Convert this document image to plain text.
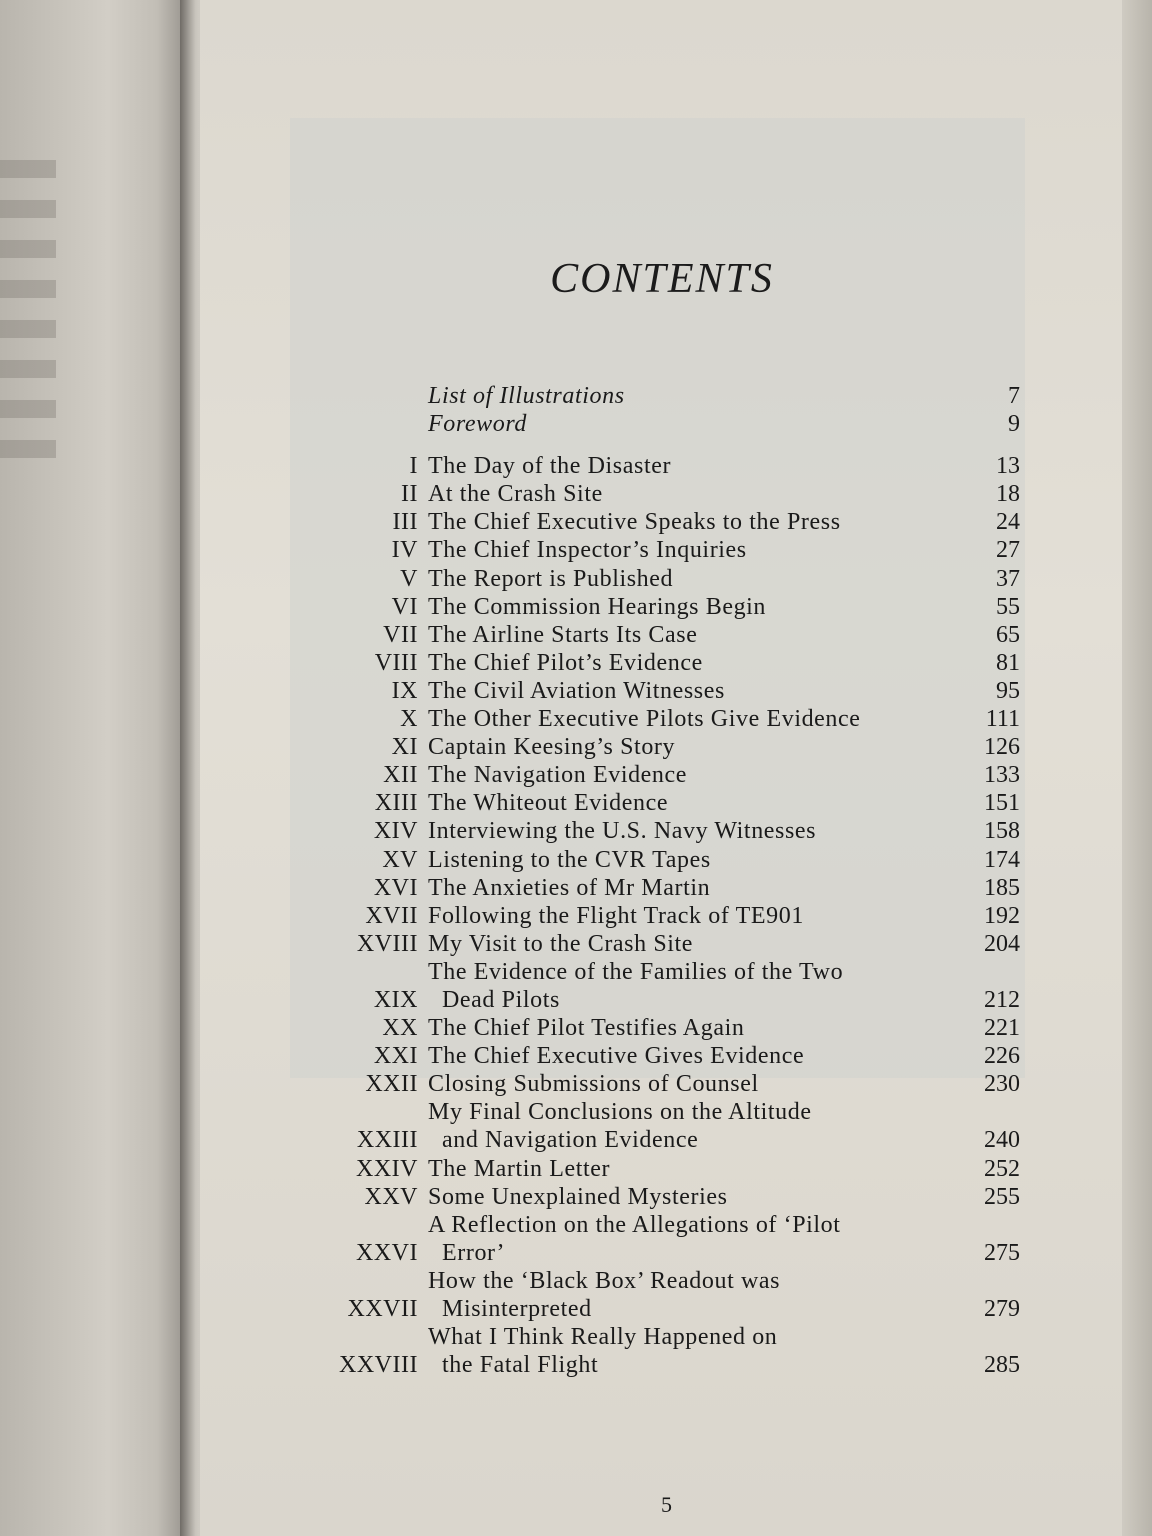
CONTENTS
List of Illustrations	7
Foreword	9
I The Day of the Disaster	13
II At the Crash Site	18
III The Chief Executive Speaks to the Press	24
IV The Chief Inspector’s Inquiries	27
V The Report is Published	37
VI The Commission Hearings Begin	55
VII The Airline Starts Its Case	65
VIII The Chief Pilot’s Evidence	81
IX The Civil Aviation Witnesses	95
X The Other Executive Pilots Give Evidence	111
XI Captain Keesing’s Story	126
XII The Navigation Evidence	133
XIII The Whiteout Evidence	151
XIV Interviewing the U.S. Navy Witnesses	158
XV Listening to the CVR Tapes	174
XVI The Anxieties of Mr Martin	185
XVII Following the Flight Track of TE901	192
XVIII My Visit to the Crash Site	204
XIX
The Evidence of the Families of the Two
Dead Pilots	212
XX The Chief Pilot Testifies Again	221
XXI The Chief Executive Gives Evidence	226
XXII Closing Submissions of Counsel	230
XXIII
My Final Conclusions on the Altitude
and Navigation Evidence	240
XXIV The Martin Letter	252
XXV Some Unexplained Mysteries	255
XXVI
A Reflection on the Allegations of ‘Pilot
Error’	275
XXVII
How the ‘Black Box’ Readout was
Misinterpreted	279
XXVIII
What I Think Really Happened on
the Fatal Flight	285
5
